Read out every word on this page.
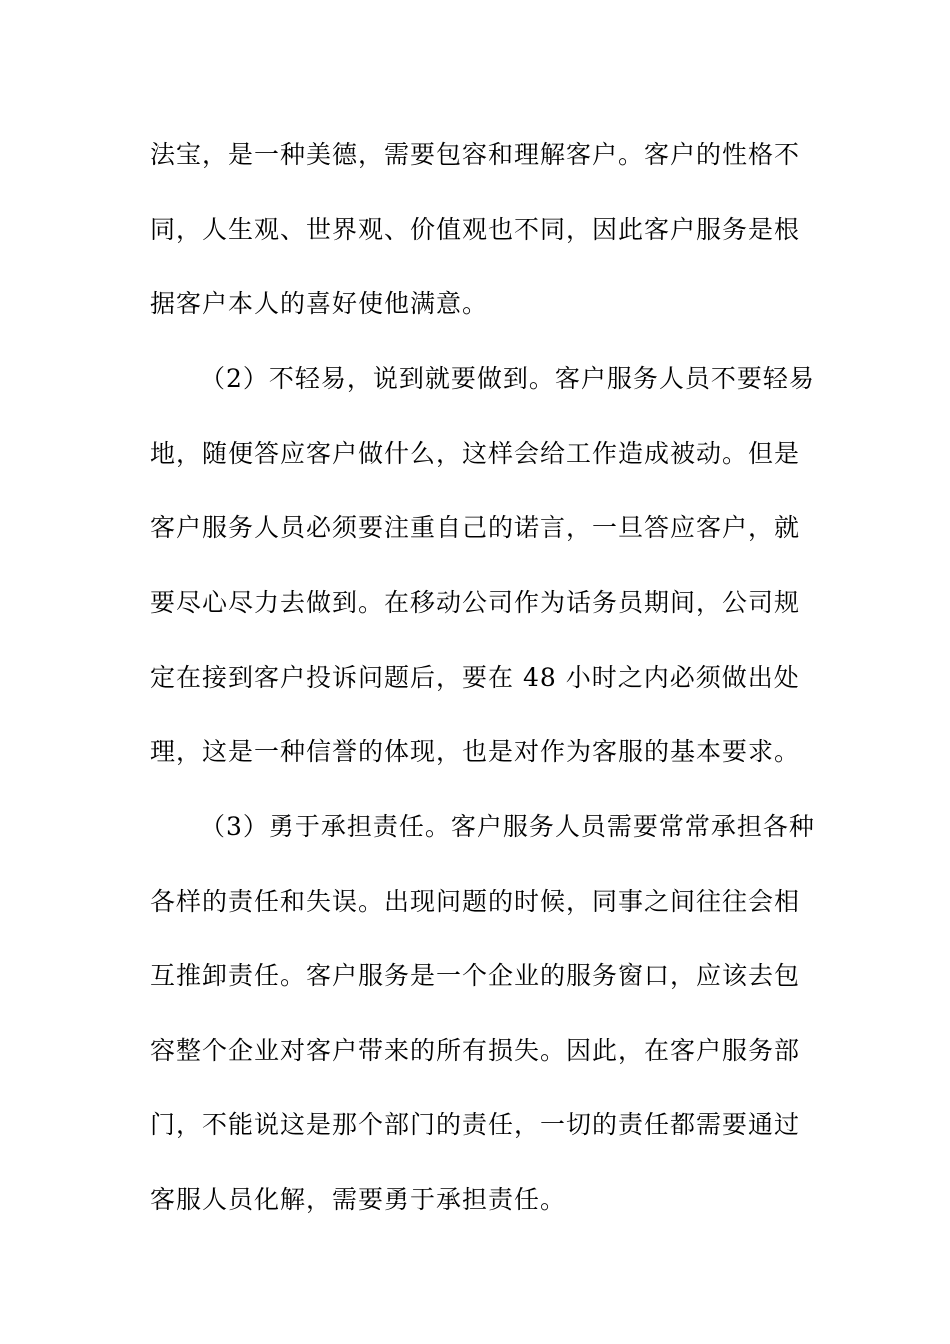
法宝，是一种美德，需要包容和理解客户。客户的性格不
同，人生观、世界观、价值观也不同，因此客户服务是根
据客户本人的喜好使他满意。
（2）不轻易，说到就要做到。客户服务人员不要轻易
地，随便答应客户做什么，这样会给工作造成被动。但是
客户服务人员必须要注重自己的诺言，一旦答应客户，就
要尽心尽力去做到。在移动公司作为话务员期间，公司规
定在接到客户投诉问题后，要在 48 小时之内必须做出处
理，这是一种信誉的体现，也是对作为客服的基本要求。
（3）勇于承担责任。客户服务人员需要常常承担各种
各样的责任和失误。出现问题的时候，同事之间往往会相
互推卸责任。客户服务是一个企业的服务窗口，应该去包
容整个企业对客户带来的所有损失。因此，在客户服务部
门，不能说这是那个部门的责任，一切的责任都需要通过
客服人员化解，需要勇于承担责任。
